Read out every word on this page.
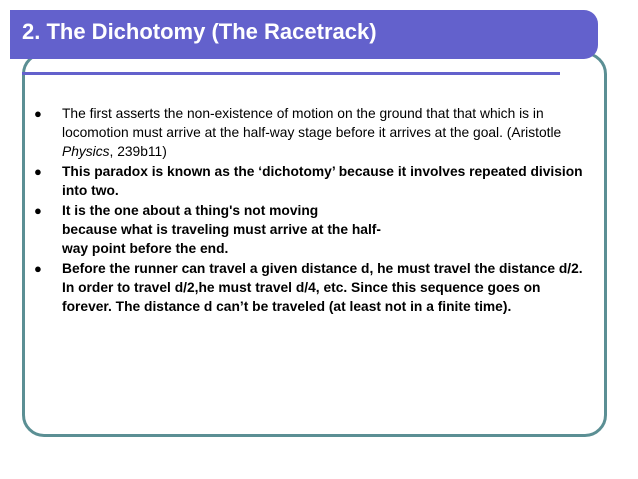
2. The Dichotomy (The Racetrack)
● The first asserts the non-existence of motion on the ground that that which is in locomotion must arrive at the half-way stage before it arrives at the goal. (Aristotle Physics, 239b11)
● This paradox is known as the ‘dichotomy’ because it involves repeated division into two.
● It is the one about a thing's not moving
because what is traveling must arrive at the half-
way point before the end.
● Before the runner can travel a given distance d, he must travel the distance d/2. In order to travel d/2,he must travel d/4, etc. Since this sequence goes on forever. The distance d can’t be traveled (at least not in a finite time).
